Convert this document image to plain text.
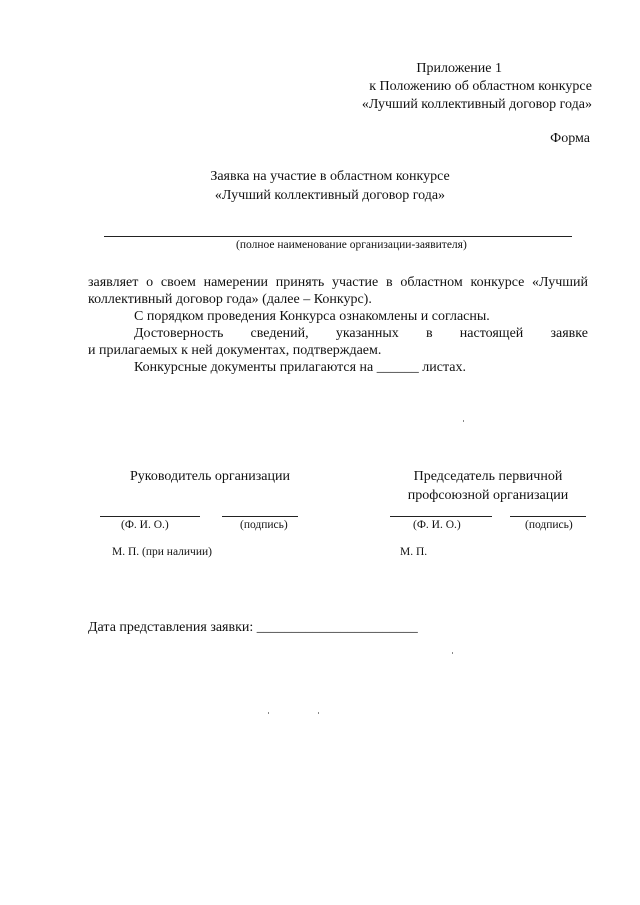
Приложение 1
к Положению об областном конкурсе
«Лучший коллективный договор года»
Форма
Заявка на участие в областном конкурсе
«Лучший коллективный договор года»
(полное наименование организации-заявителя)
заявляет о своем намерении принять участие в областном конкурсе «Лучший
коллективный договор года» (далее – Конкурс).
С порядком проведения Конкурса ознакомлены и согласны.
Достоверность сведений, указанных в настоящей заявке
и прилагаемых к ней документах, подтверждаем.
Конкурсные документы прилагаются на ______ листах.
Руководитель организации
(Ф. И. О.)	(подпись)
М. П. (при наличии)
Председатель первичной
профсоюзной организации
(Ф. И. О.)	(подпись)
М. П.
Дата представления заявки: _______________________
